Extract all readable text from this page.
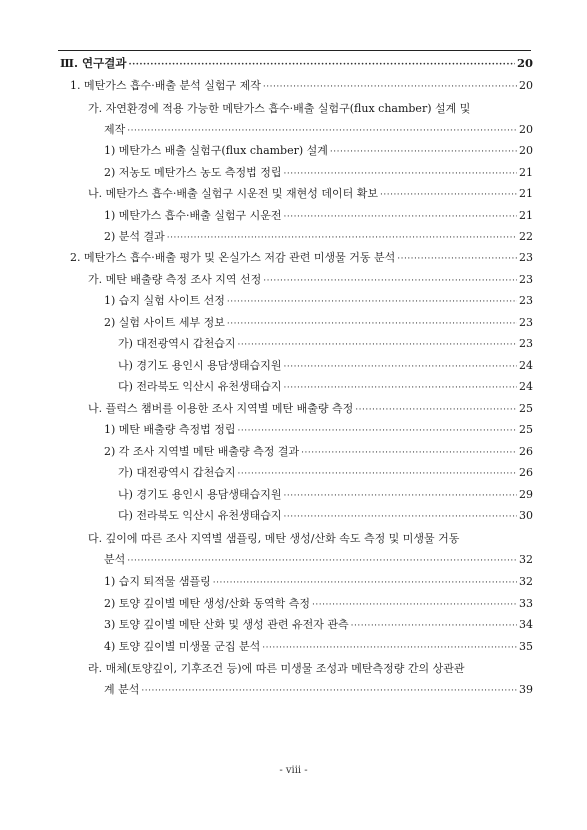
Ⅲ. 연구결과 ·····	20
1. 메탄가스 흡수·배출 분석 실험구 제작 ·····	20
가. 자연환경에 적용 가능한 메탄가스 흡수·배출 실험구(flux chamber) 설계 및
제작 ·····	20
1) 메탄가스 배출 실험구(flux chamber) 설계 ·····	20
2) 저농도 메탄가스 농도 측정법 정립 ·····	21
나. 메탄가스 흡수·배출 실험구 시운전 및 재현성 데이터 확보 ·····	21
1) 메탄가스 흡수·배출 실험구 시운전 ·····	21
2) 분석 결과 ·····	22
2. 메탄가스 흡수·배출 평가 및 온실가스 저감 관련 미생물 거동 분석 ·····	23
가. 메탄 배출량 측정 조사 지역 선정 ·····	23
1) 습지 실험 사이트 선정 ·····	23
2) 실험 사이트 세부 정보 ·····	23
가) 대전광역시 갑천습지 ·····	23
나) 경기도 용인시 용담생태습지원 ·····	24
다) 전라북도 익산시 유천생태습지 ·····	24
나. 플럭스 챔버를 이용한 조사 지역별 메탄 배출량 측정 ·····	25
1) 메탄 배출량 측정법 정립 ·····	25
2) 각 조사 지역별 메탄 배출량 측정 결과 ·····	26
가) 대전광역시 갑천습지 ·····	26
나) 경기도 용인시 용담생태습지원 ·····	29
다) 전라북도 익산시 유천생태습지 ·····	30
다. 깊이에 따른 조사 지역별 샘플링, 메탄 생성/산화 속도 측정 및 미생물 거동
분석 ·····	32
1) 습지 퇴적물 샘플링 ·····	32
2) 토양 깊이별 메탄 생성/산화 동역학 측정 ·····	33
3) 토양 깊이별 메탄 산화 및 생성 관련 유전자 관측 ·····	34
4) 토양 깊이별 미생물 군집 분석 ·····	35
라. 매체(토양깊이, 기후조건 등)에 따른 미생물 조성과 메탄측정량 간의 상관관
계 분석 ·····	39
- viii -
